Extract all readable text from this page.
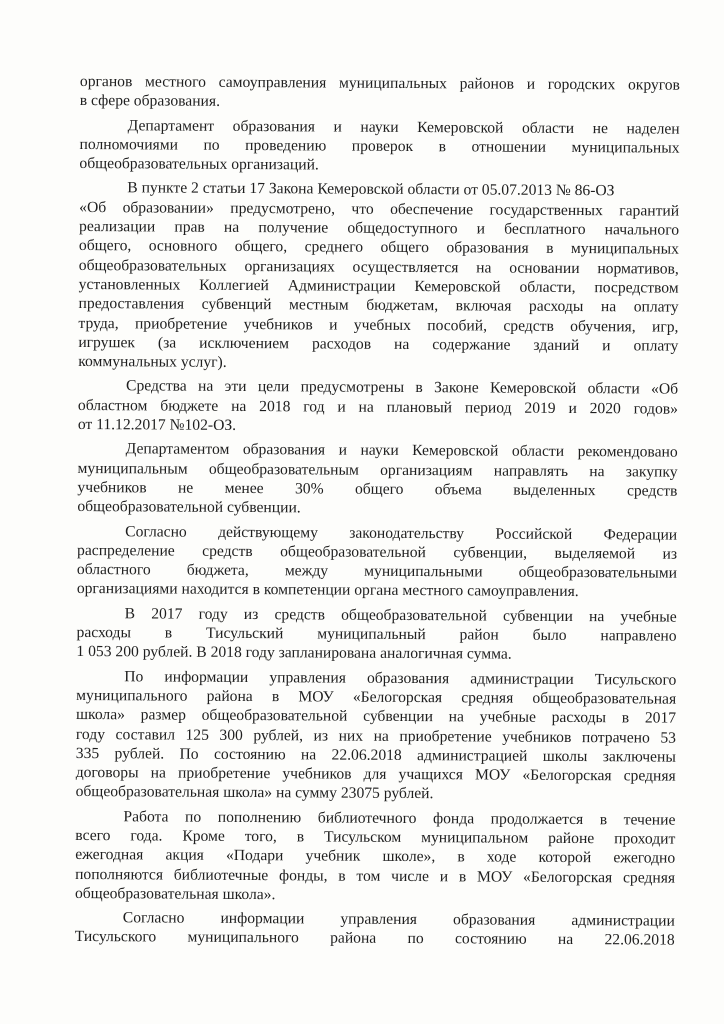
органов местного самоуправления муниципальных районов и городских округов
в сфере образования.
Департамент образования и науки Кемеровской области не наделен
полномочиями по проведению проверок в отношении муниципальных
общеобразовательных организаций.
В пункте 2 статьи 17 Закона Кемеровской области от 05.07.2013 № 86-ОЗ
«Об образовании» предусмотрено, что обеспечение государственных гарантий
реализации прав на получение общедоступного и бесплатного начального
общего, основного общего, среднего общего образования в муниципальных
общеобразовательных организациях осуществляется на основании нормативов,
установленных Коллегией Администрации Кемеровской области, посредством
предоставления субвенций местным бюджетам, включая расходы на оплату
труда, приобретение учебников и учебных пособий, средств обучения, игр,
игрушек (за исключением расходов на содержание зданий и оплату
коммунальных услуг).
Средства на эти цели предусмотрены в Законе Кемеровской области «Об
областном бюджете на 2018 год и на плановый период 2019 и 2020 годов»
от 11.12.2017 №102-ОЗ.
Департаментом образования и науки Кемеровской области рекомендовано
муниципальным общеобразовательным организациям направлять на закупку
учебников не менее 30% общего объема выделенных средств
общеобразовательной субвенции.
Согласно действующему законодательству Российской Федерации
распределение средств общеобразовательной субвенции, выделяемой из
областного бюджета, между муниципальными общеобразовательными
организациями находится в компетенции органа местного самоуправления.
В 2017 году из средств общеобразовательной субвенции на учебные
расходы в Тисульский муниципальный район было направлено
1 053 200 рублей. В 2018 году запланирована аналогичная сумма.
По информации управления образования администрации Тисульского
муниципального района в МОУ «Белогорская средняя общеобразовательная
школа» размер общеобразовательной субвенции на учебные расходы в 2017
году составил 125 300 рублей, из них на приобретение учебников потрачено 53
335 рублей. По состоянию на 22.06.2018 администрацией школы заключены
договоры на приобретение учебников для учащихся МОУ «Белогорская средняя
общеобразовательная школа» на сумму 23075 рублей.
Работа по пополнению библиотечного фонда продолжается в течение
всего года. Кроме того, в Тисульском муниципальном районе проходит
ежегодная акция «Подари учебник школе», в ходе которой ежегодно
пополняются библиотечные фонды, в том числе и в МОУ «Белогорская средняя
общеобразовательная школа».
Согласно информации управления образования администрации
Тисульского муниципального района по состоянию на 22.06.2018
